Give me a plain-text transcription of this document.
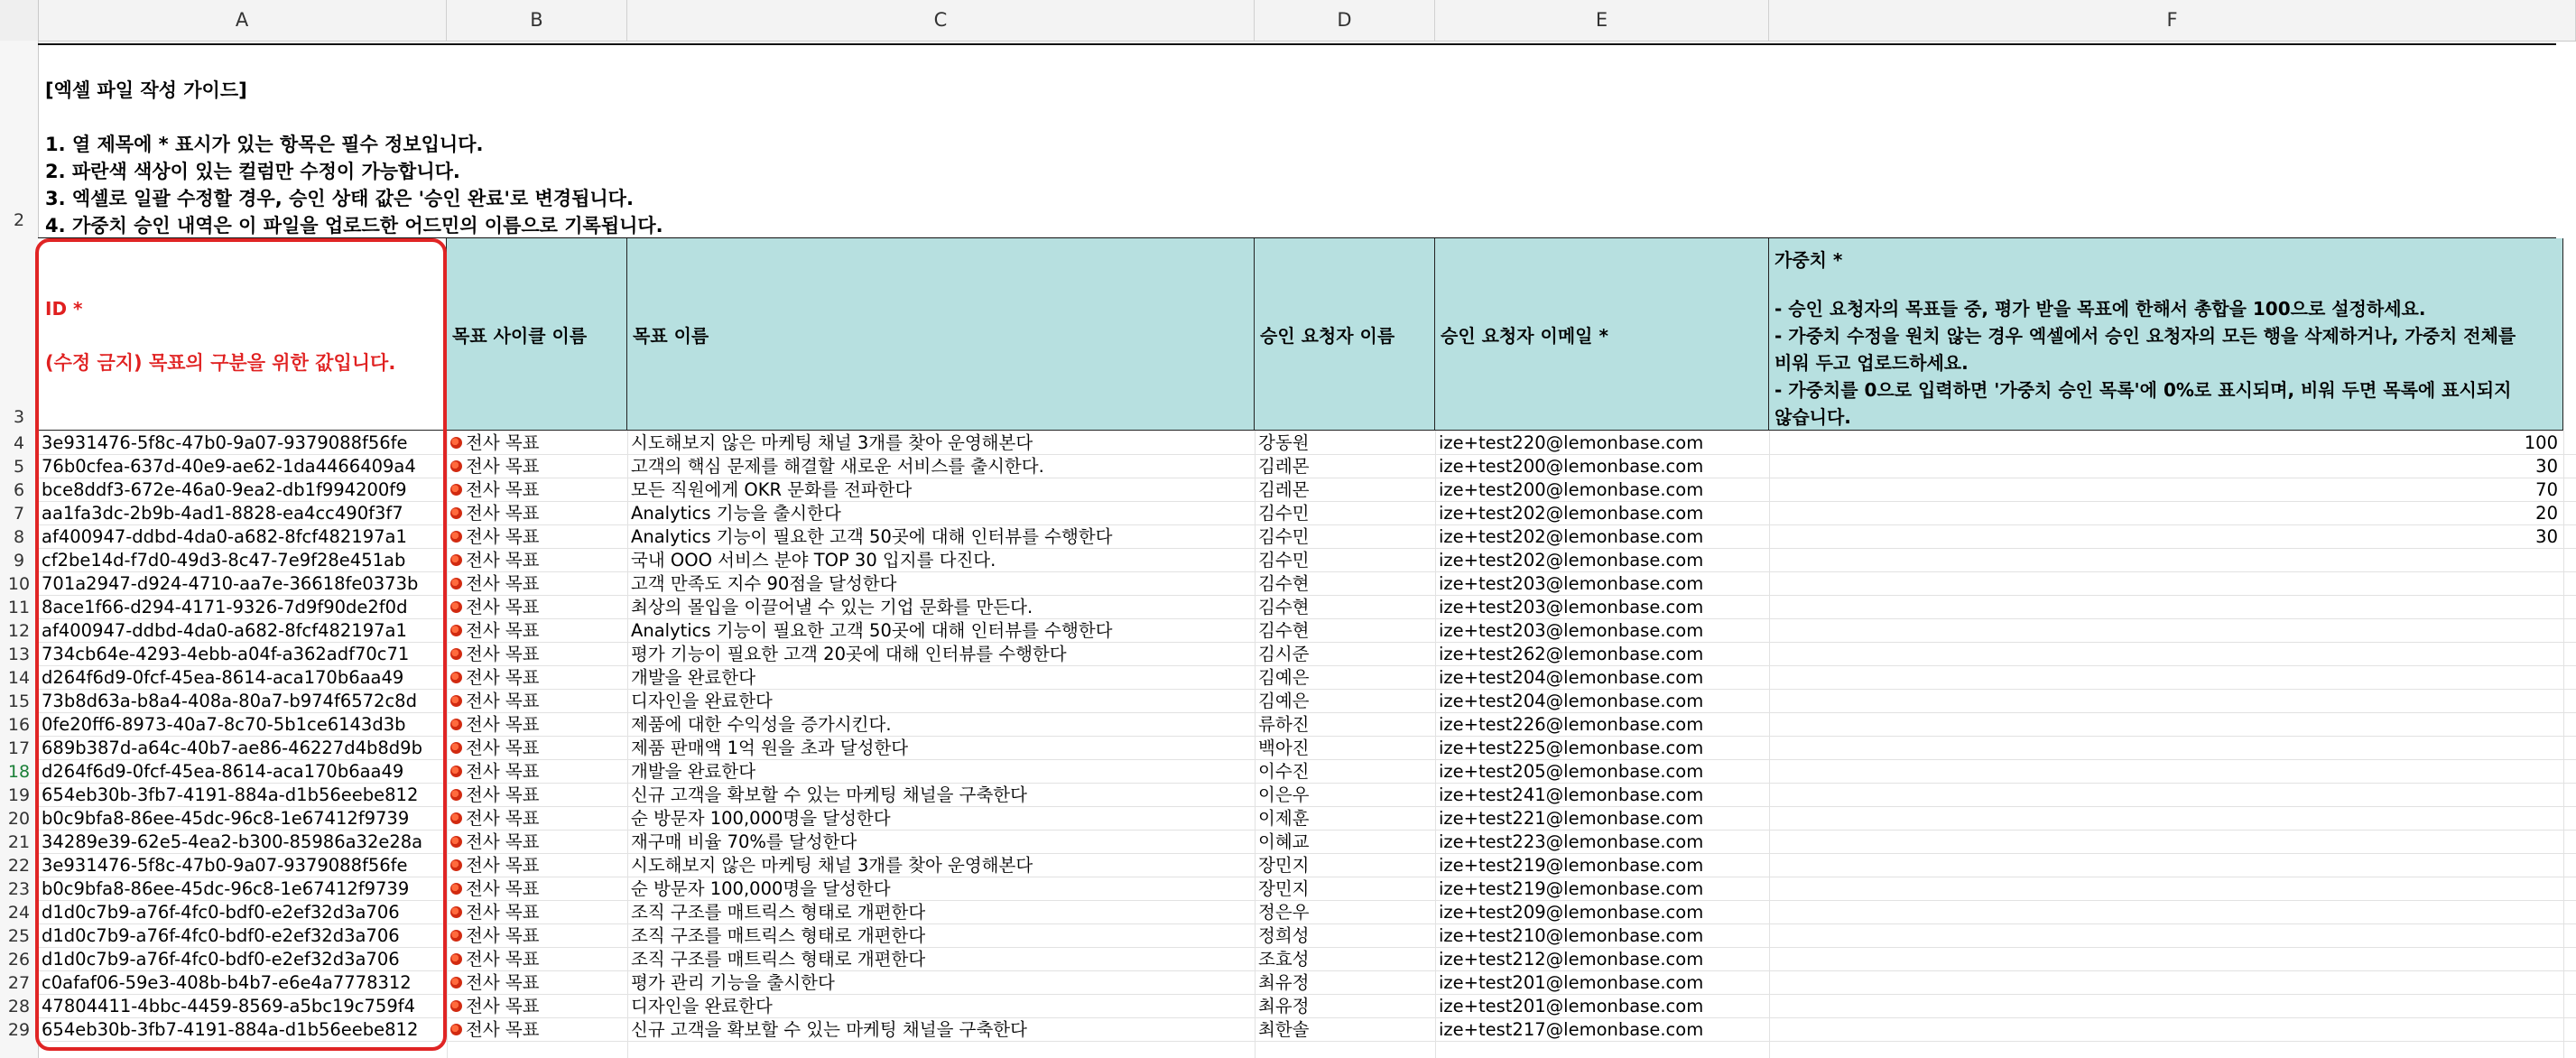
A	B	C	D	E	F
2
3
4
5
6
7
8
9
10
11
12
13
14
15
16
17
18
19
20
21
22
23
24
25
26
27
28
29
[엑셀 파일 작성 가이드]
1. 열 제목에 * 표시가 있는 항목은 필수 정보입니다.
2. 파란색 색상이 있는 컬럼만 수정이 가능합니다.
3. 엑셀로 일괄 수정할 경우, 승인 상태 값은 '승인 완료'로 변경됩니다.
4. 가중치 승인 내역은 이 파일을 업로드한 어드민의 이름으로 기록됩니다.
ID *
(수정 금지) 목표의 구분을 위한 값입니다.
목표 사이클 이름	목표 이름	승인 요청자 이름	승인 요청자 이메일 *
가중치 *
- 승인 요청자의 목표들 중, 평가 받을 목표에 한해서 총합을 100으로 설정하세요.
- 가중치 수정을 원치 않는 경우 엑셀에서 승인 요청자의 모든 행을 삭제하거나, 가중치 전체를
비워 두고 업로드하세요.
- 가중치를 0으로 입력하면 '가중치 승인 목록'에 0%로 표시되며, 비워 두면 목록에 표시되지
않습니다.
3e931476-5f8c-47b0-9a07-9379088f56fe	전사 목표	시도해보지 않은 마케팅 채널 3개를 찾아 운영해본다	강동원	ize+test220@lemonbase.com	100
76b0cfea-637d-40e9-ae62-1da4466409a4	전사 목표	고객의 핵심 문제를 해결할 새로운 서비스를 출시한다.	김레몬	ize+test200@lemonbase.com	30
bce8ddf3-672e-46a0-9ea2-db1f994200f9	전사 목표	모든 직원에게 OKR 문화를 전파한다	김레몬	ize+test200@lemonbase.com	70
aa1fa3dc-2b9b-4ad1-8828-ea4cc490f3f7	전사 목표	Analytics 기능을 출시한다	김수민	ize+test202@lemonbase.com	20
af400947-ddbd-4da0-a682-8fcf482197a1	전사 목표	Analytics 기능이 필요한 고객 50곳에 대해 인터뷰를 수행한다	김수민	ize+test202@lemonbase.com	30
cf2be14d-f7d0-49d3-8c47-7e9f28e451ab	전사 목표	국내 OOO 서비스 분야 TOP 30 입지를 다진다.	김수민	ize+test202@lemonbase.com
701a2947-d924-4710-aa7e-36618fe0373b	전사 목표	고객 만족도 지수 90점을 달성한다	김수현	ize+test203@lemonbase.com
8ace1f66-d294-4171-9326-7d9f90de2f0d	전사 목표	최상의 몰입을 이끌어낼 수 있는 기업 문화를 만든다.	김수현	ize+test203@lemonbase.com
af400947-ddbd-4da0-a682-8fcf482197a1	전사 목표	Analytics 기능이 필요한 고객 50곳에 대해 인터뷰를 수행한다	김수현	ize+test203@lemonbase.com
734cb64e-4293-4ebb-a04f-a362adf70c71	전사 목표	평가 기능이 필요한 고객 20곳에 대해 인터뷰를 수행한다	김시준	ize+test262@lemonbase.com
d264f6d9-0fcf-45ea-8614-aca170b6aa49	전사 목표	개발을 완료한다	김예은	ize+test204@lemonbase.com
73b8d63a-b8a4-408a-80a7-b974f6572c8d	전사 목표	디자인을 완료한다	김예은	ize+test204@lemonbase.com
0fe20ff6-8973-40a7-8c70-5b1ce6143d3b	전사 목표	제품에 대한 수익성을 증가시킨다.	류하진	ize+test226@lemonbase.com
689b387d-a64c-40b7-ae86-46227d4b8d9b	전사 목표	제품 판매액 1억 원을 초과 달성한다	백아진	ize+test225@lemonbase.com
d264f6d9-0fcf-45ea-8614-aca170b6aa49	전사 목표	개발을 완료한다	이수진	ize+test205@lemonbase.com
654eb30b-3fb7-4191-884a-d1b56eebe812	전사 목표	신규 고객을 확보할 수 있는 마케팅 채널을 구축한다	이은우	ize+test241@lemonbase.com
b0c9bfa8-86ee-45dc-96c8-1e67412f9739	전사 목표	순 방문자 100,000명을 달성한다	이제훈	ize+test221@lemonbase.com
34289e39-62e5-4ea2-b300-85986a32e28a	전사 목표	재구매 비율 70%를 달성한다	이혜교	ize+test223@lemonbase.com
3e931476-5f8c-47b0-9a07-9379088f56fe	전사 목표	시도해보지 않은 마케팅 채널 3개를 찾아 운영해본다	장민지	ize+test219@lemonbase.com
b0c9bfa8-86ee-45dc-96c8-1e67412f9739	전사 목표	순 방문자 100,000명을 달성한다	장민지	ize+test219@lemonbase.com
d1d0c7b9-a76f-4fc0-bdf0-e2ef32d3a706	전사 목표	조직 구조를 매트릭스 형태로 개편한다	정은우	ize+test209@lemonbase.com
d1d0c7b9-a76f-4fc0-bdf0-e2ef32d3a706	전사 목표	조직 구조를 매트릭스 형태로 개편한다	정희성	ize+test210@lemonbase.com
d1d0c7b9-a76f-4fc0-bdf0-e2ef32d3a706	전사 목표	조직 구조를 매트릭스 형태로 개편한다	조효성	ize+test212@lemonbase.com
c0afaf06-59e3-408b-b4b7-e6e4a7778312	전사 목표	평가 관리 기능을 출시한다	최유정	ize+test201@lemonbase.com
47804411-4bbc-4459-8569-a5bc19c759f4	전사 목표	디자인을 완료한다	최유정	ize+test201@lemonbase.com
654eb30b-3fb7-4191-884a-d1b56eebe812	전사 목표	신규 고객을 확보할 수 있는 마케팅 채널을 구축한다	최한솔	ize+test217@lemonbase.com
